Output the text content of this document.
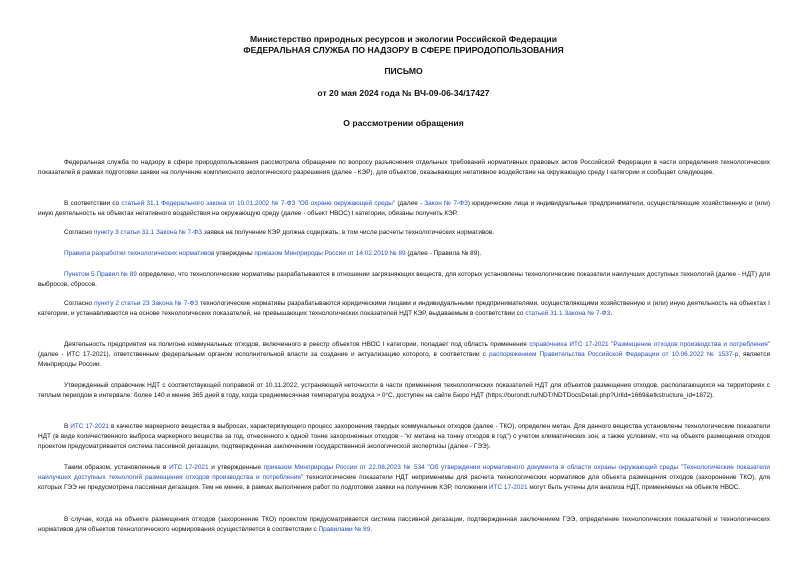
Министерство природных ресурсов и экологии Российской Федерации
ФЕДЕРАЛЬНАЯ СЛУЖБА ПО НАДЗОРУ В СФЕРЕ ПРИРОДОПОЛЬЗОВАНИЯ
ПИСЬМО
от 20 мая 2024 года № ВЧ-09-06-34/17427
О рассмотрении обращения
Федеральная служба по надзору в сфере природопользования рассмотрела обращение по вопросу разъяснения отдельных требований нормативных правовых актов Российской Федерации в части определения технологических показателей в рамках подготовки заявки на получение комплексного экологического разрешения (далее - КЭР), для объектов, оказывающих негативное воздействие на окружающую среду I категории и сообщает следующее.
В соответствии со статьей 31.1 Федерального закона от 10.01.2002 № 7-ФЗ "Об охране окружающей среды" (далее - Закон № 7-ФЗ) юридические лица и индивидуальные предприниматели, осуществляющие хозяйственную и (или) иную деятельность на объектах негативного воздействия на окружающую среду (далее - объект НВОС) I категории, обязаны получить КЭР.
Согласно пункту 3 статьи 31.1 Закона № 7-ФЗ заявка на получение КЭР должна содержать, в том числе расчеты технологических нормативов.
Правила разработки технологических нормативов утверждены приказом Минприроды России от 14.02.2019 № 89 (далее - Правила № 89).
Пунктом 5 Правил № 89 определено, что технологические нормативы разрабатываются в отношении загрязняющих веществ, для которых установлены технологические показатели наилучших доступных технологий (далее - НДТ) для выбросов, сбросов.
Согласно пункту 2 статьи 23 Закона № 7-ФЗ технологические нормативы разрабатываются юридическими лицами и индивидуальными предпринимателями, осуществляющими хозяйственную и (или) иную деятельность на объектах I категории, и устанавливаются на основе технологических показателей, не превышающих технологических показателей НДТ КЭР, выдаваемым в соответствии со статьей 31.1 Закона № 7-ФЗ.
Деятельность предприятия на полигоне коммунальных отходов, включенного в реестр объектов НВОС I категории, попадает под область применения справочника ИТС 17-2021 "Размещение отходов производства и потребления" (далее - ИТС 17-2021), ответственным федеральным органом исполнительной власти за создание и актуализацию которого, в соответствии с распоряжением Правительства Российской Федерации от 10.06.2022 № 1537-р, является Минприроды России.
Утвержденный справочник НДТ с соответствующей поправкой от 10.11.2022, устраняющей неточности в части применения технологических показателей НДТ для объектов размещения отходов, располагающихся на территориях с теплым периодом в интервале: более 140 и менее 365 дней в году, когда среднемесячная температура воздуха > 0°C, доступен на сайте Бюро НДТ (https://burondt.ru/NDT/NDTDocsDetail.php?UrlId=1669&etkstructure_id=1872).
В ИТС 17-2021 в качестве маркерного вещества в выбросах, характеризующего процесс захоронения твердых коммунальных отходов (далее - ТКО), определен метан. Для данного вещества установлены технологические показатели НДТ (в виде количественного выброса маркерного вещества за год, отнесенного к одной тонне захороненных отходов - "кг метана на тонну отходов в год") с учетом климатических зон, а также условием, что на объекте размещения отходов проектом предусматривается система пассивной дегазации, подтвержденная заключением государственной экологической экспертизы (далее - ГЭЭ).
Таким образом, установленные в ИТС 17-2021 и утвержденные приказом Минприроды России от 22.08.2023 № 534 "Об утверждении нормативного документа в области охраны окружающей среды "Технологические показатели наилучших доступных технологий размещения отходов производства и потребления" технологические показатели НДТ неприменимы для расчета технологических нормативов для объекта размещения отходов (захоронение ТКО), для которых ГЭЭ не предусмотрена пассивная дегазация. Тем не менее, в рамках выполнения работ по подготовке заявки на получение КЭР, положения ИТС 17-2021 могут быть учтены для анализа НДТ, применяемых на объекте НВОС.
В случае, когда на объекте размещения отходов (захоронение ТКО) проектом предусматривается система пассивной дегазации, подтвержденная заключением ГЭЭ, определение технологических показателей и технологических нормативов для объектов технологического нормирования осуществляется в соответствии с Правилами № 89.
